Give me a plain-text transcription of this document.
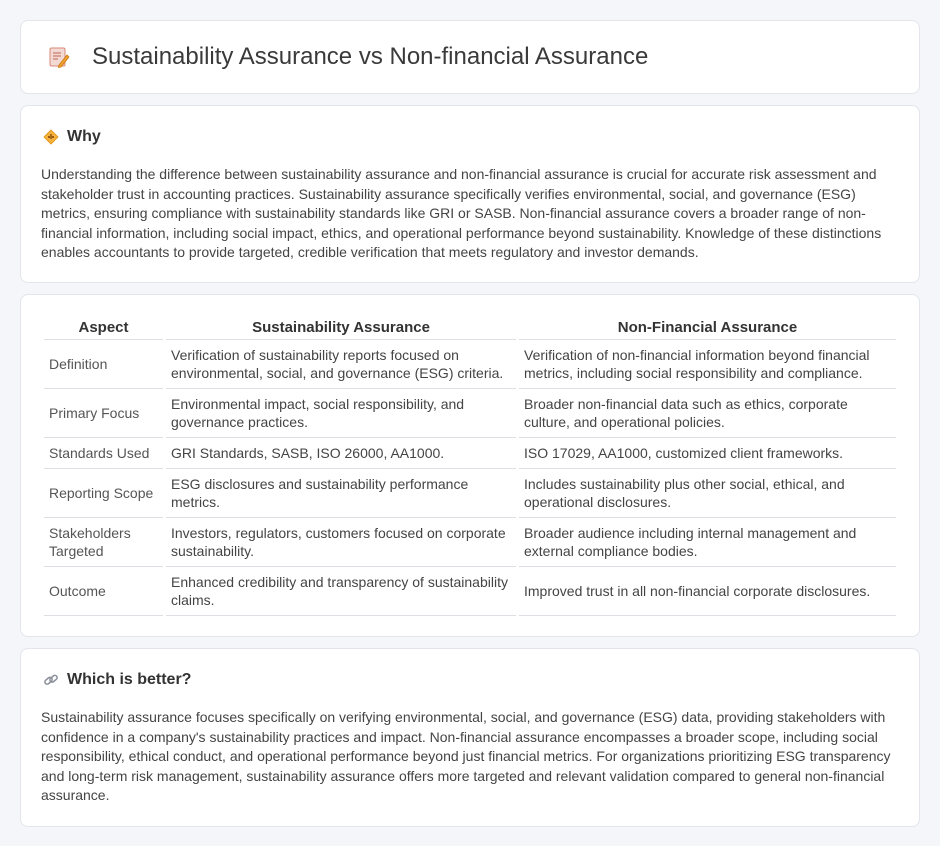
Sustainability Assurance vs Non-financial Assurance
Why

Understanding the difference between sustainability assurance and non-financial assurance is crucial for accurate risk assessment and stakeholder trust in accounting practices. Sustainability assurance specifically verifies environmental, social, and governance (ESG) metrics, ensuring compliance with sustainability standards like GRI or SASB. Non-financial assurance covers a broader range of non-financial information, including social impact, ethics, and operational performance beyond sustainability. Knowledge of these distinctions enables accountants to provide targeted, credible verification that meets regulatory and investor demands.

Aspect	Sustainability Assurance	Non-Financial Assurance
Definition	Verification of sustainability reports focused on environmental, social, and governance (ESG) criteria.	Verification of non-financial information beyond financial metrics, including social responsibility and compliance.
Primary Focus	Environmental impact, social responsibility, and governance practices.	Broader non-financial data such as ethics, corporate culture, and operational policies.
Standards Used	GRI Standards, SASB, ISO 26000, AA1000.	ISO 17029, AA1000, customized client frameworks.
Reporting Scope	ESG disclosures and sustainability performance metrics.	Includes sustainability plus other social, ethical, and operational disclosures.
Stakeholders Targeted	Investors, regulators, customers focused on corporate sustainability.	Broader audience including internal management and external compliance bodies.
Outcome	Enhanced credibility and transparency of sustainability claims.	Improved trust in all non-financial corporate disclosures.
Which is better?

Sustainability assurance focuses specifically on verifying environmental, social, and governance (ESG) data, providing stakeholders with confidence in a company's sustainability practices and impact. Non-financial assurance encompasses a broader scope, including social responsibility, ethical conduct, and operational performance beyond just financial metrics. For organizations prioritizing ESG transparency and long-term risk management, sustainability assurance offers more targeted and relevant validation compared to general non-financial assurance.
